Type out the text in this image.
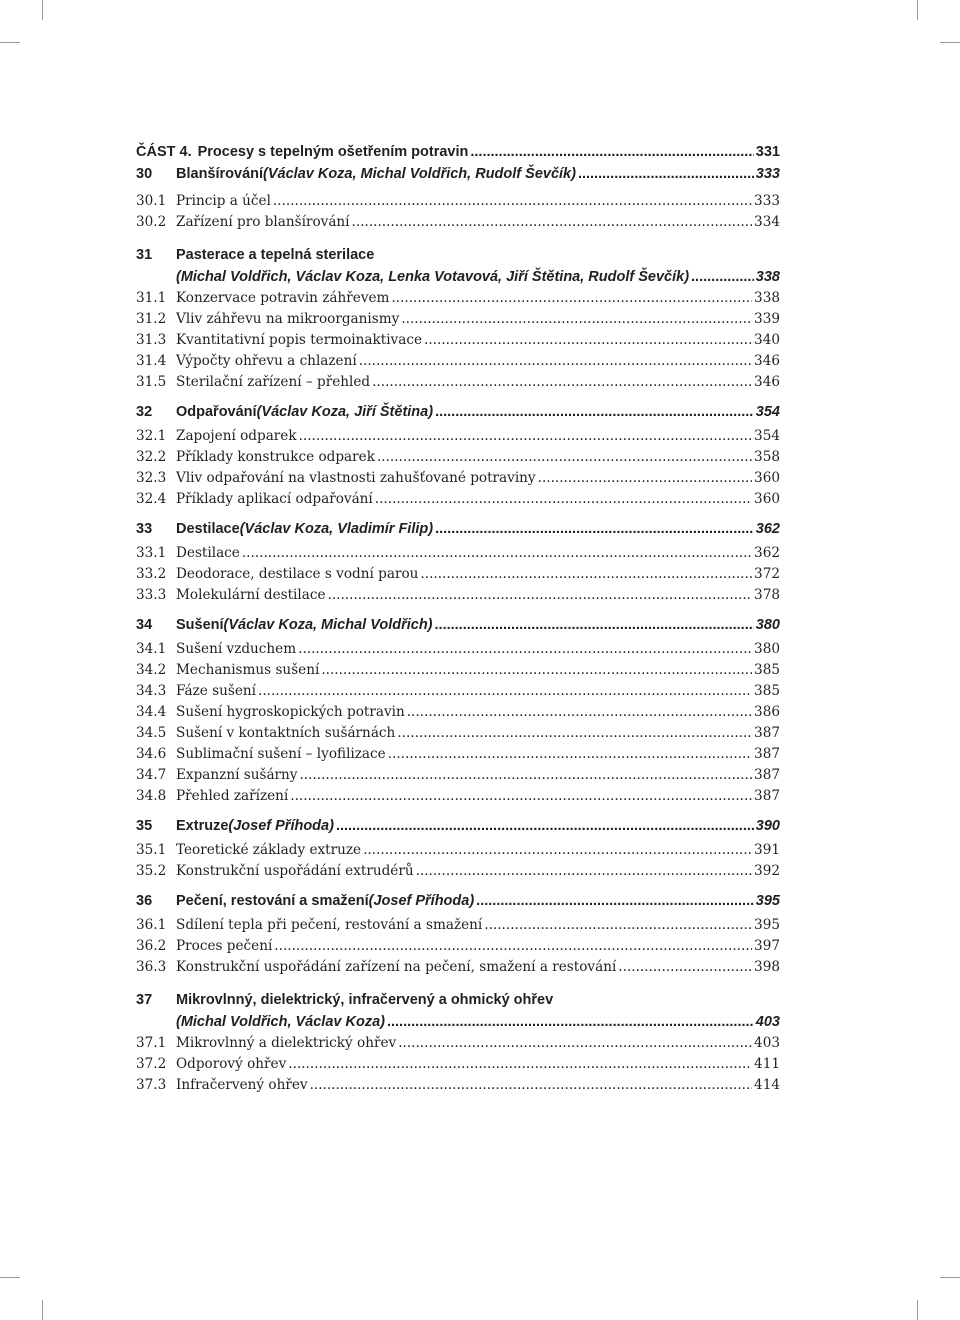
ČÁST 4. Procesy s tepelným ošetřením potravin .....	331
30	Blanšírování (Václav Koza, Michal Voldřich, Rudolf Ševčík) .....	333
30.1 Princip a účel .....	333
30.2 Zařízení pro blanšírování .....	334
31	Pasterace a tepelná sterilace
(Michal Voldřich, Václav Koza, Lenka Votavová, Jiří Štětina, Rudolf Ševčík) .....	338
31.1 Konzervace potravin záhřevem .....	338
31.2 Vliv záhřevu na mikroorganismy .....	339
31.3 Kvantitativní popis termoinaktivace .....	340
31.4 Výpočty ohřevu a chlazení .....	346
31.5 Sterilační zařízení – přehled .....	346
32	Odpařování (Václav Koza, Jiří Štětina) .....	354
32.1 Zapojení odparek .....	354
32.2 Příklady konstrukce odparek .....	358
32.3 Vliv odpařování na vlastnosti zahušťované potraviny .....	360
32.4 Příklady aplikací odpařování .....	360
33	Destilace (Václav Koza, Vladimír Filip) .....	362
33.1 Destilace .....	362
33.2 Deodorace, destilace s vodní parou .....	372
33.3 Molekulární destilace .....	378
34	Sušení (Václav Koza, Michal Voldřich) .....	380
34.1 Sušení vzduchem .....	380
34.2 Mechanismus sušení .....	385
34.3 Fáze sušení .....	385
34.4 Sušení hygroskopických potravin .....	386
34.5 Sušení v kontaktních sušárnách .....	387
34.6 Sublimační sušení – lyofilizace .....	387
34.7 Expanzní sušárny .....	387
34.8 Přehled zařízení .....	387
35	Extruze (Josef Příhoda) .....	390
35.1 Teoretické základy extruze .....	391
35.2 Konstrukční uspořádání extrudérů .....	392
36	Pečení, restování a smažení (Josef Příhoda) .....	395
36.1 Sdílení tepla při pečení, restování a smažení .....	395
36.2 Proces pečení .....	397
36.3 Konstrukční uspořádání zařízení na pečení, smažení a restování .....	398
37	Mikrovlnný, dielektrický, infračervený a ohmický ohřev
(Michal Voldřich, Václav Koza) .....	403
37.1 Mikrovlnný a dielektrický ohřev .....	403
37.2 Odporový ohřev .....	411
37.3 Infračervený ohřev .....	414
